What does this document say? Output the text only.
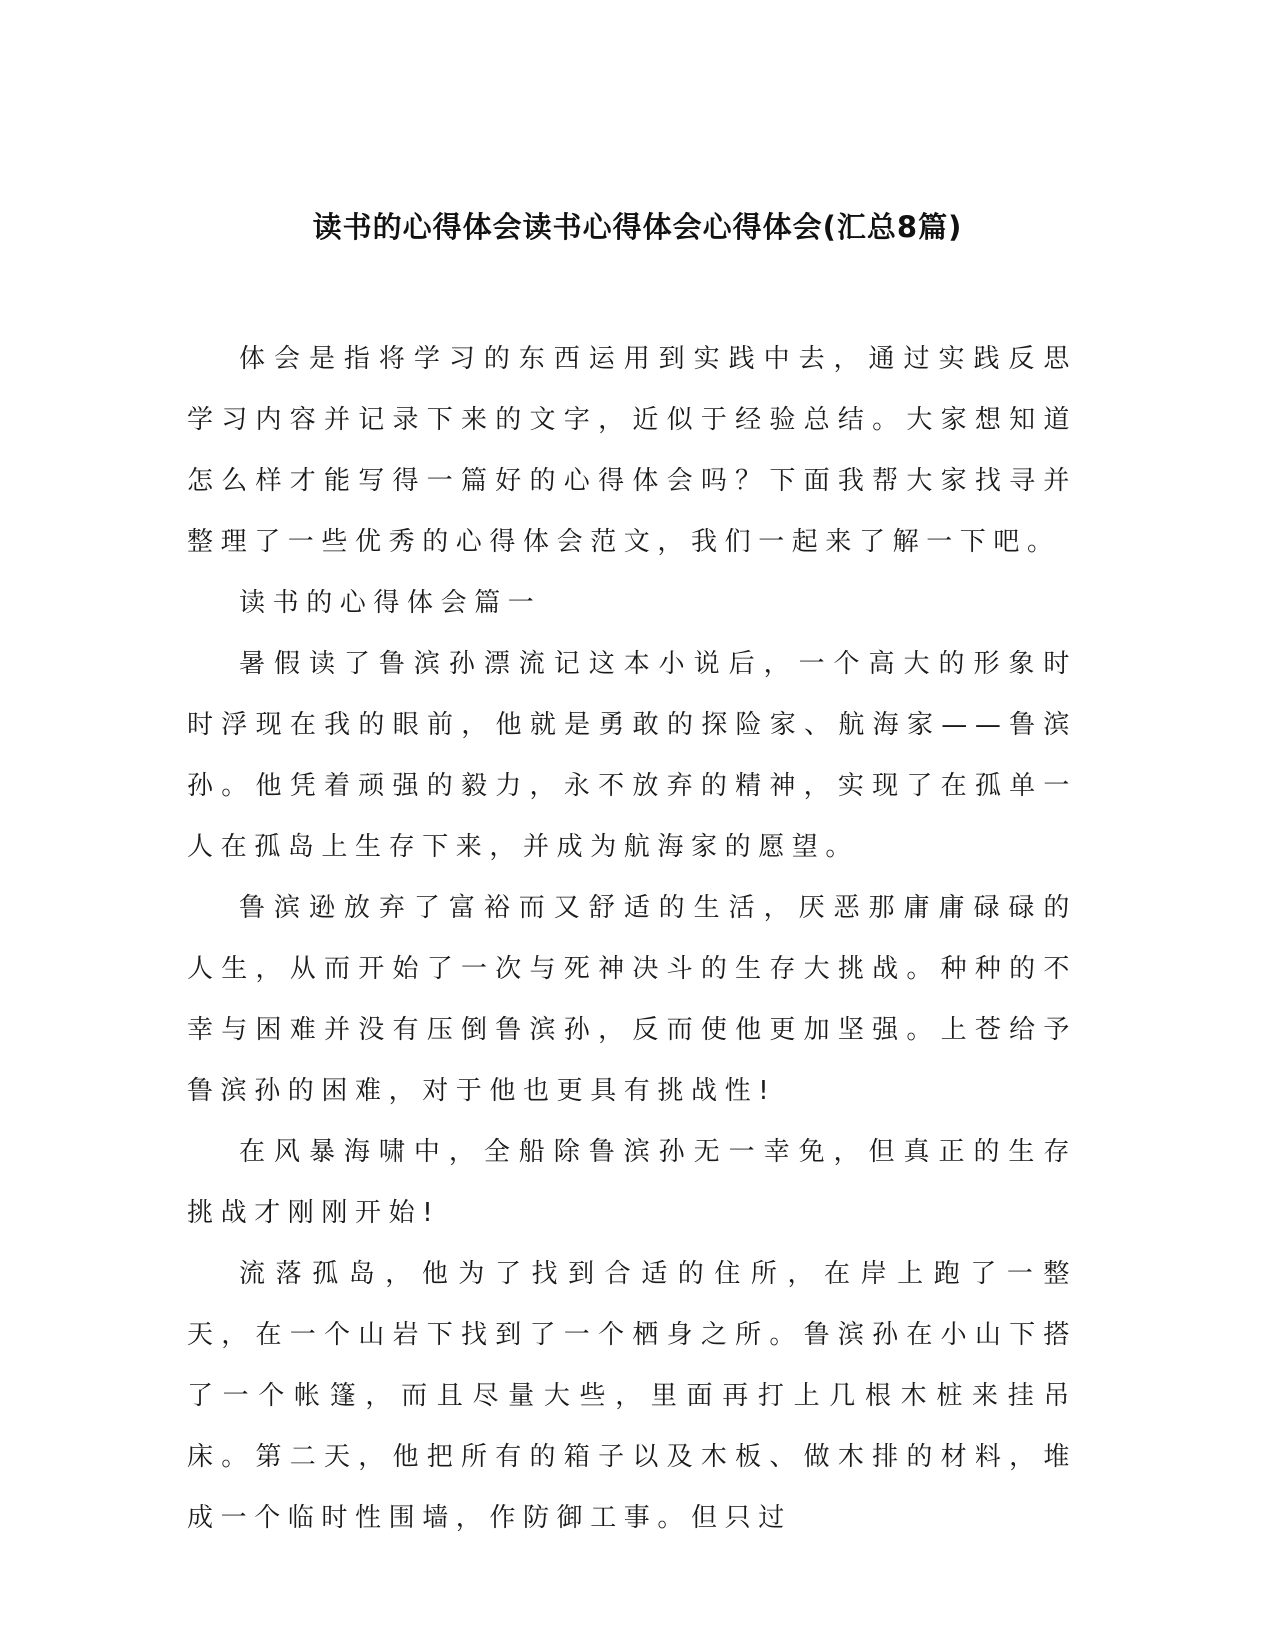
读书的心得体会读书心得体会心得体会(汇总8篇)

体会是指将学习的东西运用到实践中去，通过实践反思学习内容并记录下来的文字，近似于经验总结。大家想知道怎么样才能写得一篇好的心得体会吗？下面我帮大家找寻并整理了一些优秀的心得体会范文，我们一起来了解一下吧。

读书的心得体会篇一

暑假读了鲁滨孙漂流记这本小说后，一个高大的形象时时浮现在我的眼前，他就是勇敢的探险家、航海家——鲁滨孙。他凭着顽强的毅力，永不放弃的精神，实现了在孤单一人在孤岛上生存下来，并成为航海家的愿望。

鲁滨逊放弃了富裕而又舒适的生活，厌恶那庸庸碌碌的人生，从而开始了一次与死神决斗的生存大挑战。种种的不幸与困难并没有压倒鲁滨孙，反而使他更加坚强。上苍给予鲁滨孙的困难，对于他也更具有挑战性!

在风暴海啸中，全船除鲁滨孙无一幸免，但真正的生存挑战才刚刚开始!

流落孤岛，他为了找到合适的住所，在岸上跑了一整天，在一个山岩下找到了一个栖身之所。鲁滨孙在小山下搭了一个帐篷，而且尽量大些，里面再打上几根木桩来挂吊床。第二天，他把所有的箱子以及木板、做木排的材料，堆成一个临时性围墙，作防御工事。但只过
